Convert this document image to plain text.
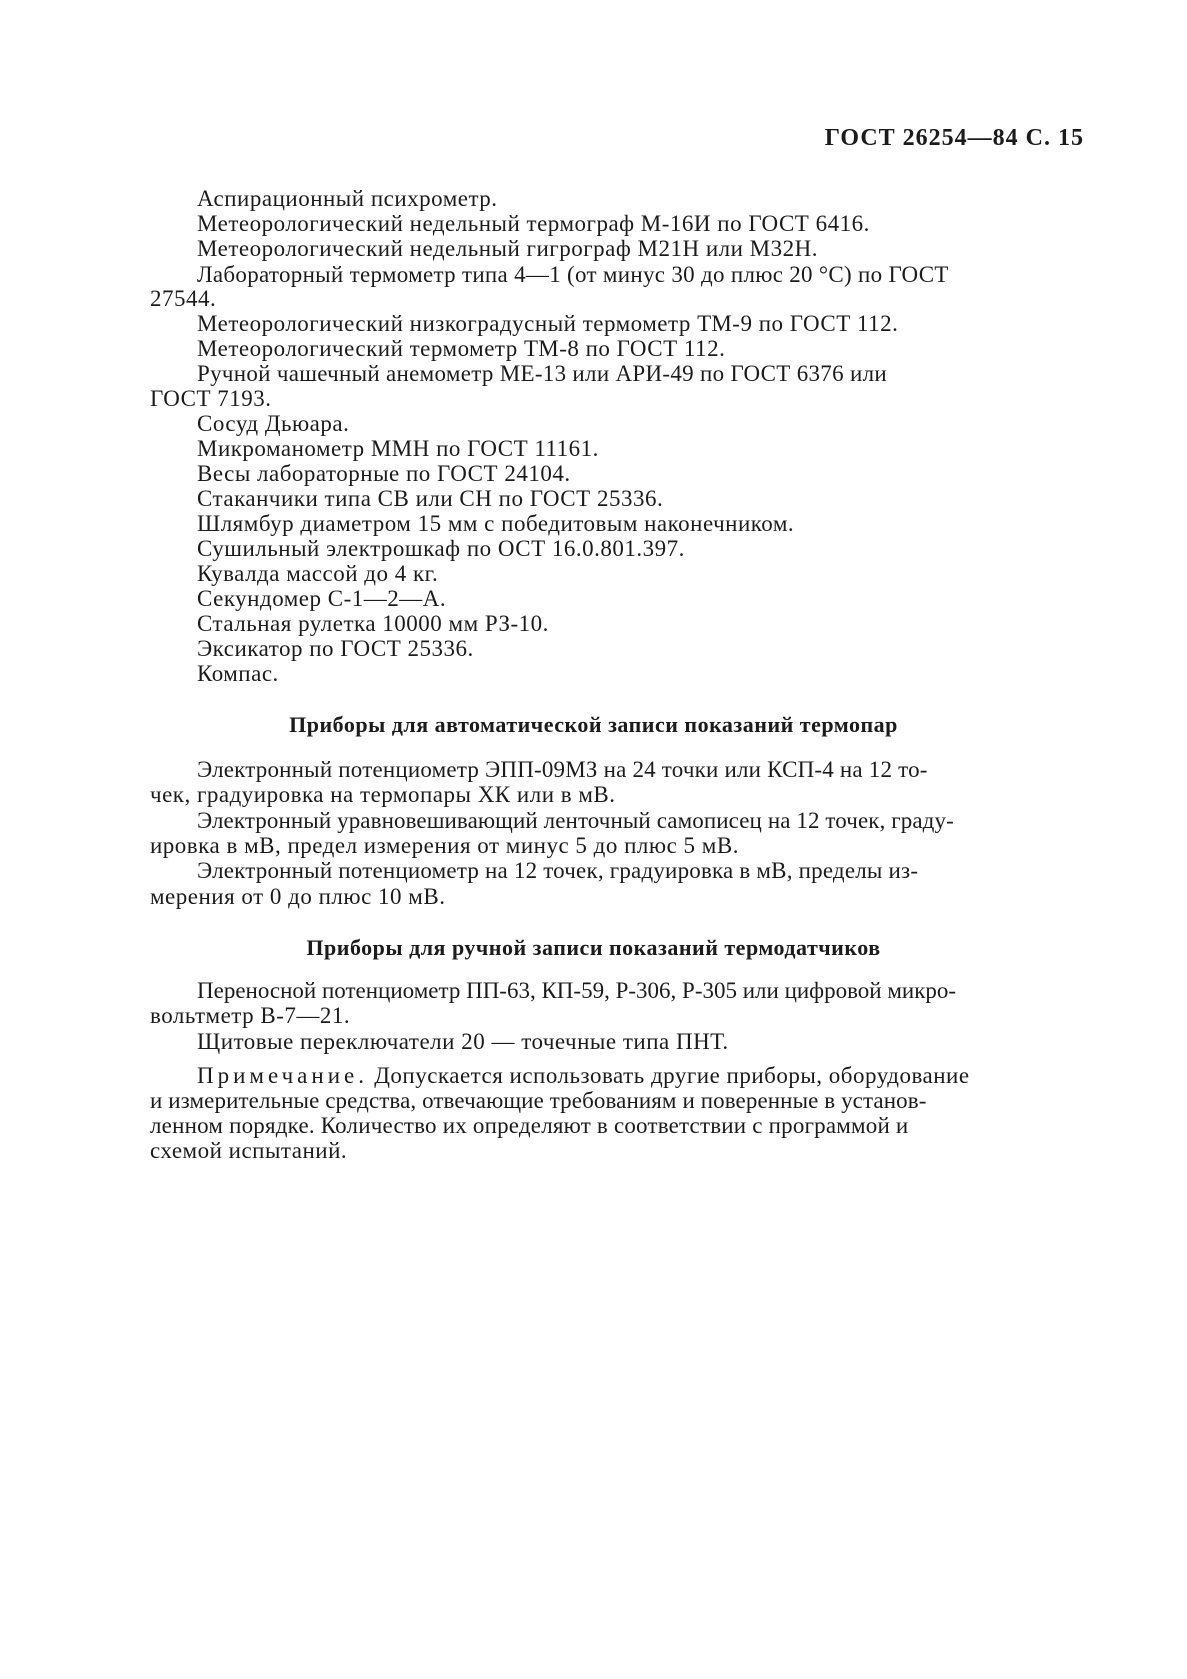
ГОСТ 26254—84 С. 15
Аспирационный психрометр.
Метеорологический недельный термограф М-16И по ГОСТ 6416.
Метеорологический недельный гигрограф М21Н или М32Н.
Лабораторный термометр типа 4—1 (от минус 30 до плюс 20 °С) по ГОСТ
27544.
Метеорологический низкоградусный термометр ТМ-9 по ГОСТ 112.
Метеорологический термометр ТМ-8 по ГОСТ 112.
Ручной чашечный анемометр МЕ-13 или АРИ-49 по ГОСТ 6376 или
ГОСТ 7193.
Сосуд Дьюара.
Микроманометр ММН по ГОСТ 11161.
Весы лабораторные по ГОСТ 24104.
Стаканчики типа СВ или СН по ГОСТ 25336.
Шлямбур диаметром 15 мм с победитовым наконечником.
Сушильный электрошкаф по ОСТ 16.0.801.397.
Кувалда массой до 4 кг.
Секундомер С-1—2—А.
Стальная рулетка 10000 мм РЗ-10.
Эксикатор по ГОСТ 25336.
Компас.
Приборы для автоматической записи показаний термопар
Электронный потенциометр ЭПП-09МЗ на 24 точки или КСП-4 на 12 то-
чек, градуировка на термопары ХК или в мВ.
Электронный уравновешивающий ленточный самописец на 12 точек, граду-
ировка в мВ, предел измерения от минус 5 до плюс 5 мВ.
Электронный потенциометр на 12 точек, градуировка в мВ, пределы из-
мерения от 0 до плюс 10 мВ.
Приборы для ручной записи показаний термодатчиков
Переносной потенциометр ПП-63, КП-59, Р-306, Р-305 или цифровой микро-
вольтметр В-7—21.
Щитовые переключатели 20 — точечные типа ПНТ.
Примечание. Допускается использовать другие приборы, оборудование
и измерительные средства, отвечающие требованиям и поверенные в установ-
ленном порядке. Количество их определяют в соответствии с программой и
схемой испытаний.
